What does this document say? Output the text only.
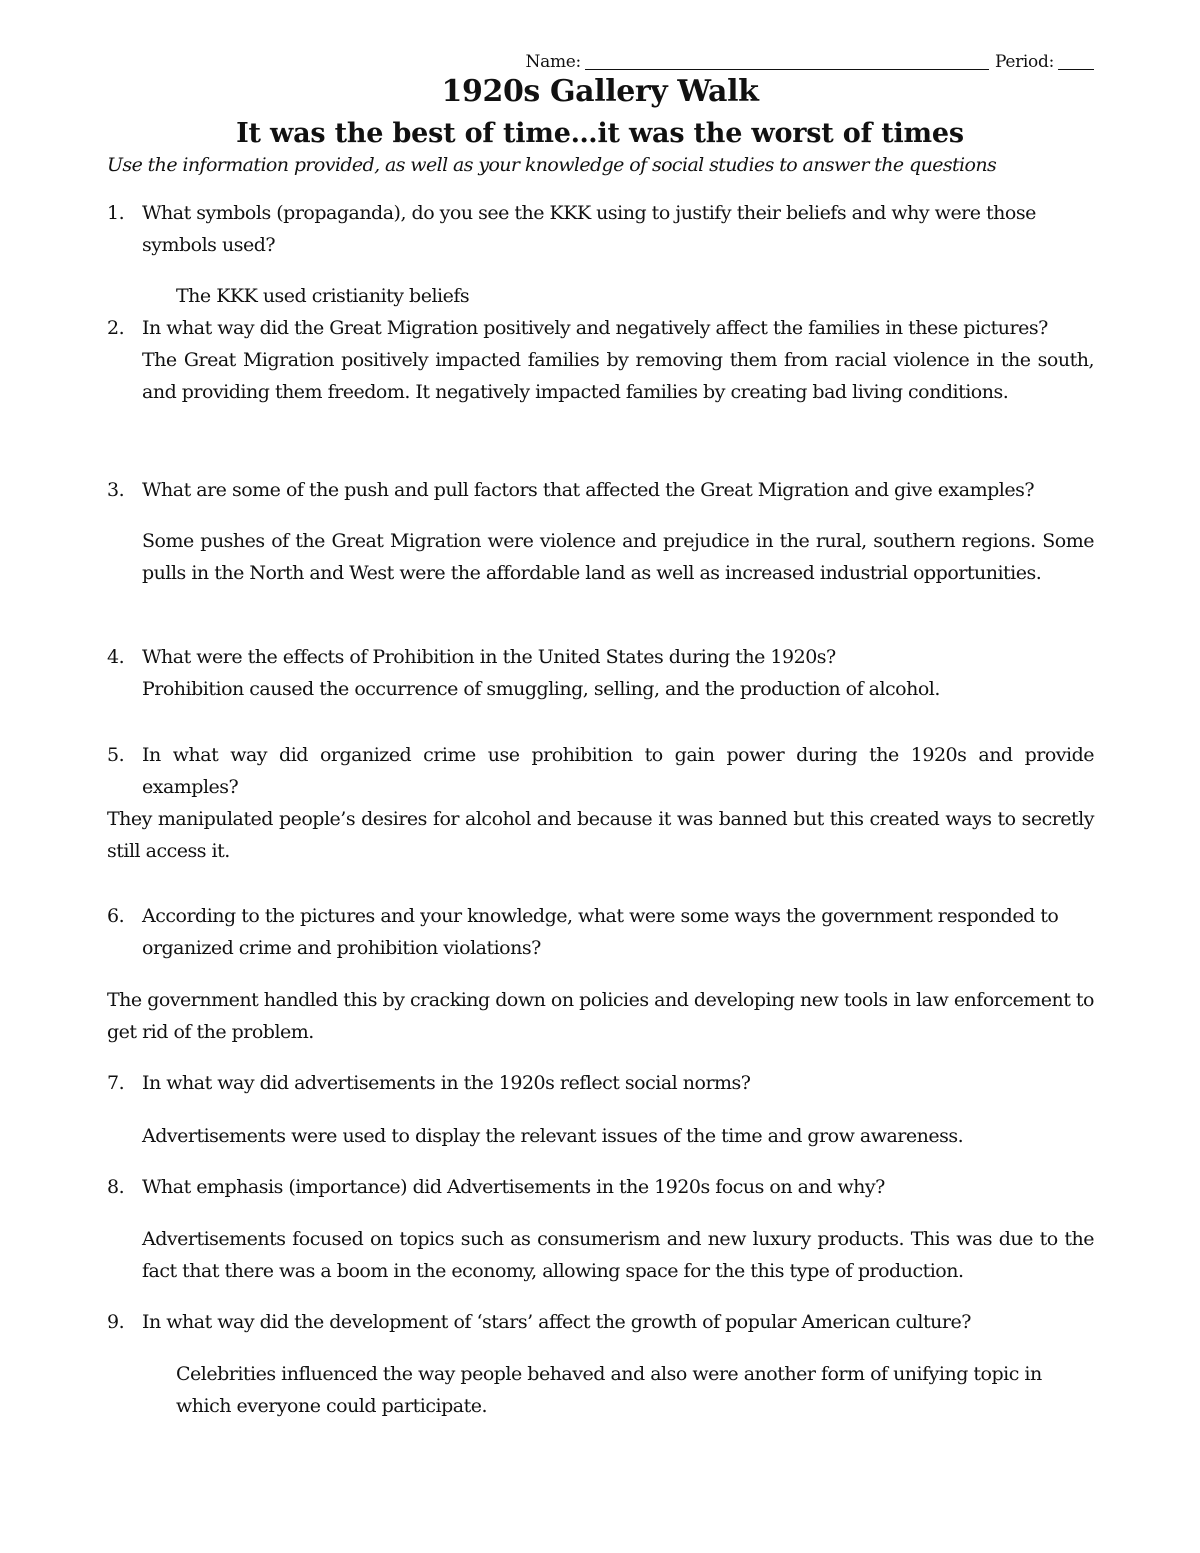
Name:	Period:
1920s Gallery Walk
It was the best of time…it was the worst of times
Use the information provided, as well as your knowledge of social studies to answer the questions
1. What symbols (propaganda), do you see the KKK using to justify their beliefs and why were those symbols used?
The KKK used cristianity beliefs
2. In what way did the Great Migration positively and negatively affect the families in these pictures?
The Great Migration positively impacted families by removing them from racial violence in the south, and providing them freedom. It negatively impacted families by creating bad living conditions.
3. What are some of the push and pull factors that affected the Great Migration and give examples?
Some pushes of the Great Migration were violence and prejudice in the rural, southern regions. Some pulls in the North and West were the affordable land as well as increased industrial opportunities.
4. What were the effects of Prohibition in the United States during the 1920s?
Prohibition caused the occurrence of smuggling, selling, and the production of alcohol.
5. In what way did organized crime use prohibition to gain power during the 1920s and provide examples?
They manipulated people’s desires for alcohol and because it was banned but this created ways to secretly still access it.
6. According to the pictures and your knowledge, what were some ways the government responded to organized crime and prohibition violations?
The government handled this by cracking down on policies and developing new tools in law enforcement to get rid of the problem.
7. In what way did advertisements in the 1920s reflect social norms?
Advertisements were used to display the relevant issues of the time and grow awareness.
8. What emphasis (importance) did Advertisements in the 1920s focus on and why?
Advertisements focused on topics such as consumerism and new luxury products. This was due to the fact that there was a boom in the economy, allowing space for the this type of production.
9. In what way did the development of ‘stars’ affect the growth of popular American culture?
Celebrities influenced the way people behaved and also were another form of unifying topic in which everyone could participate.
